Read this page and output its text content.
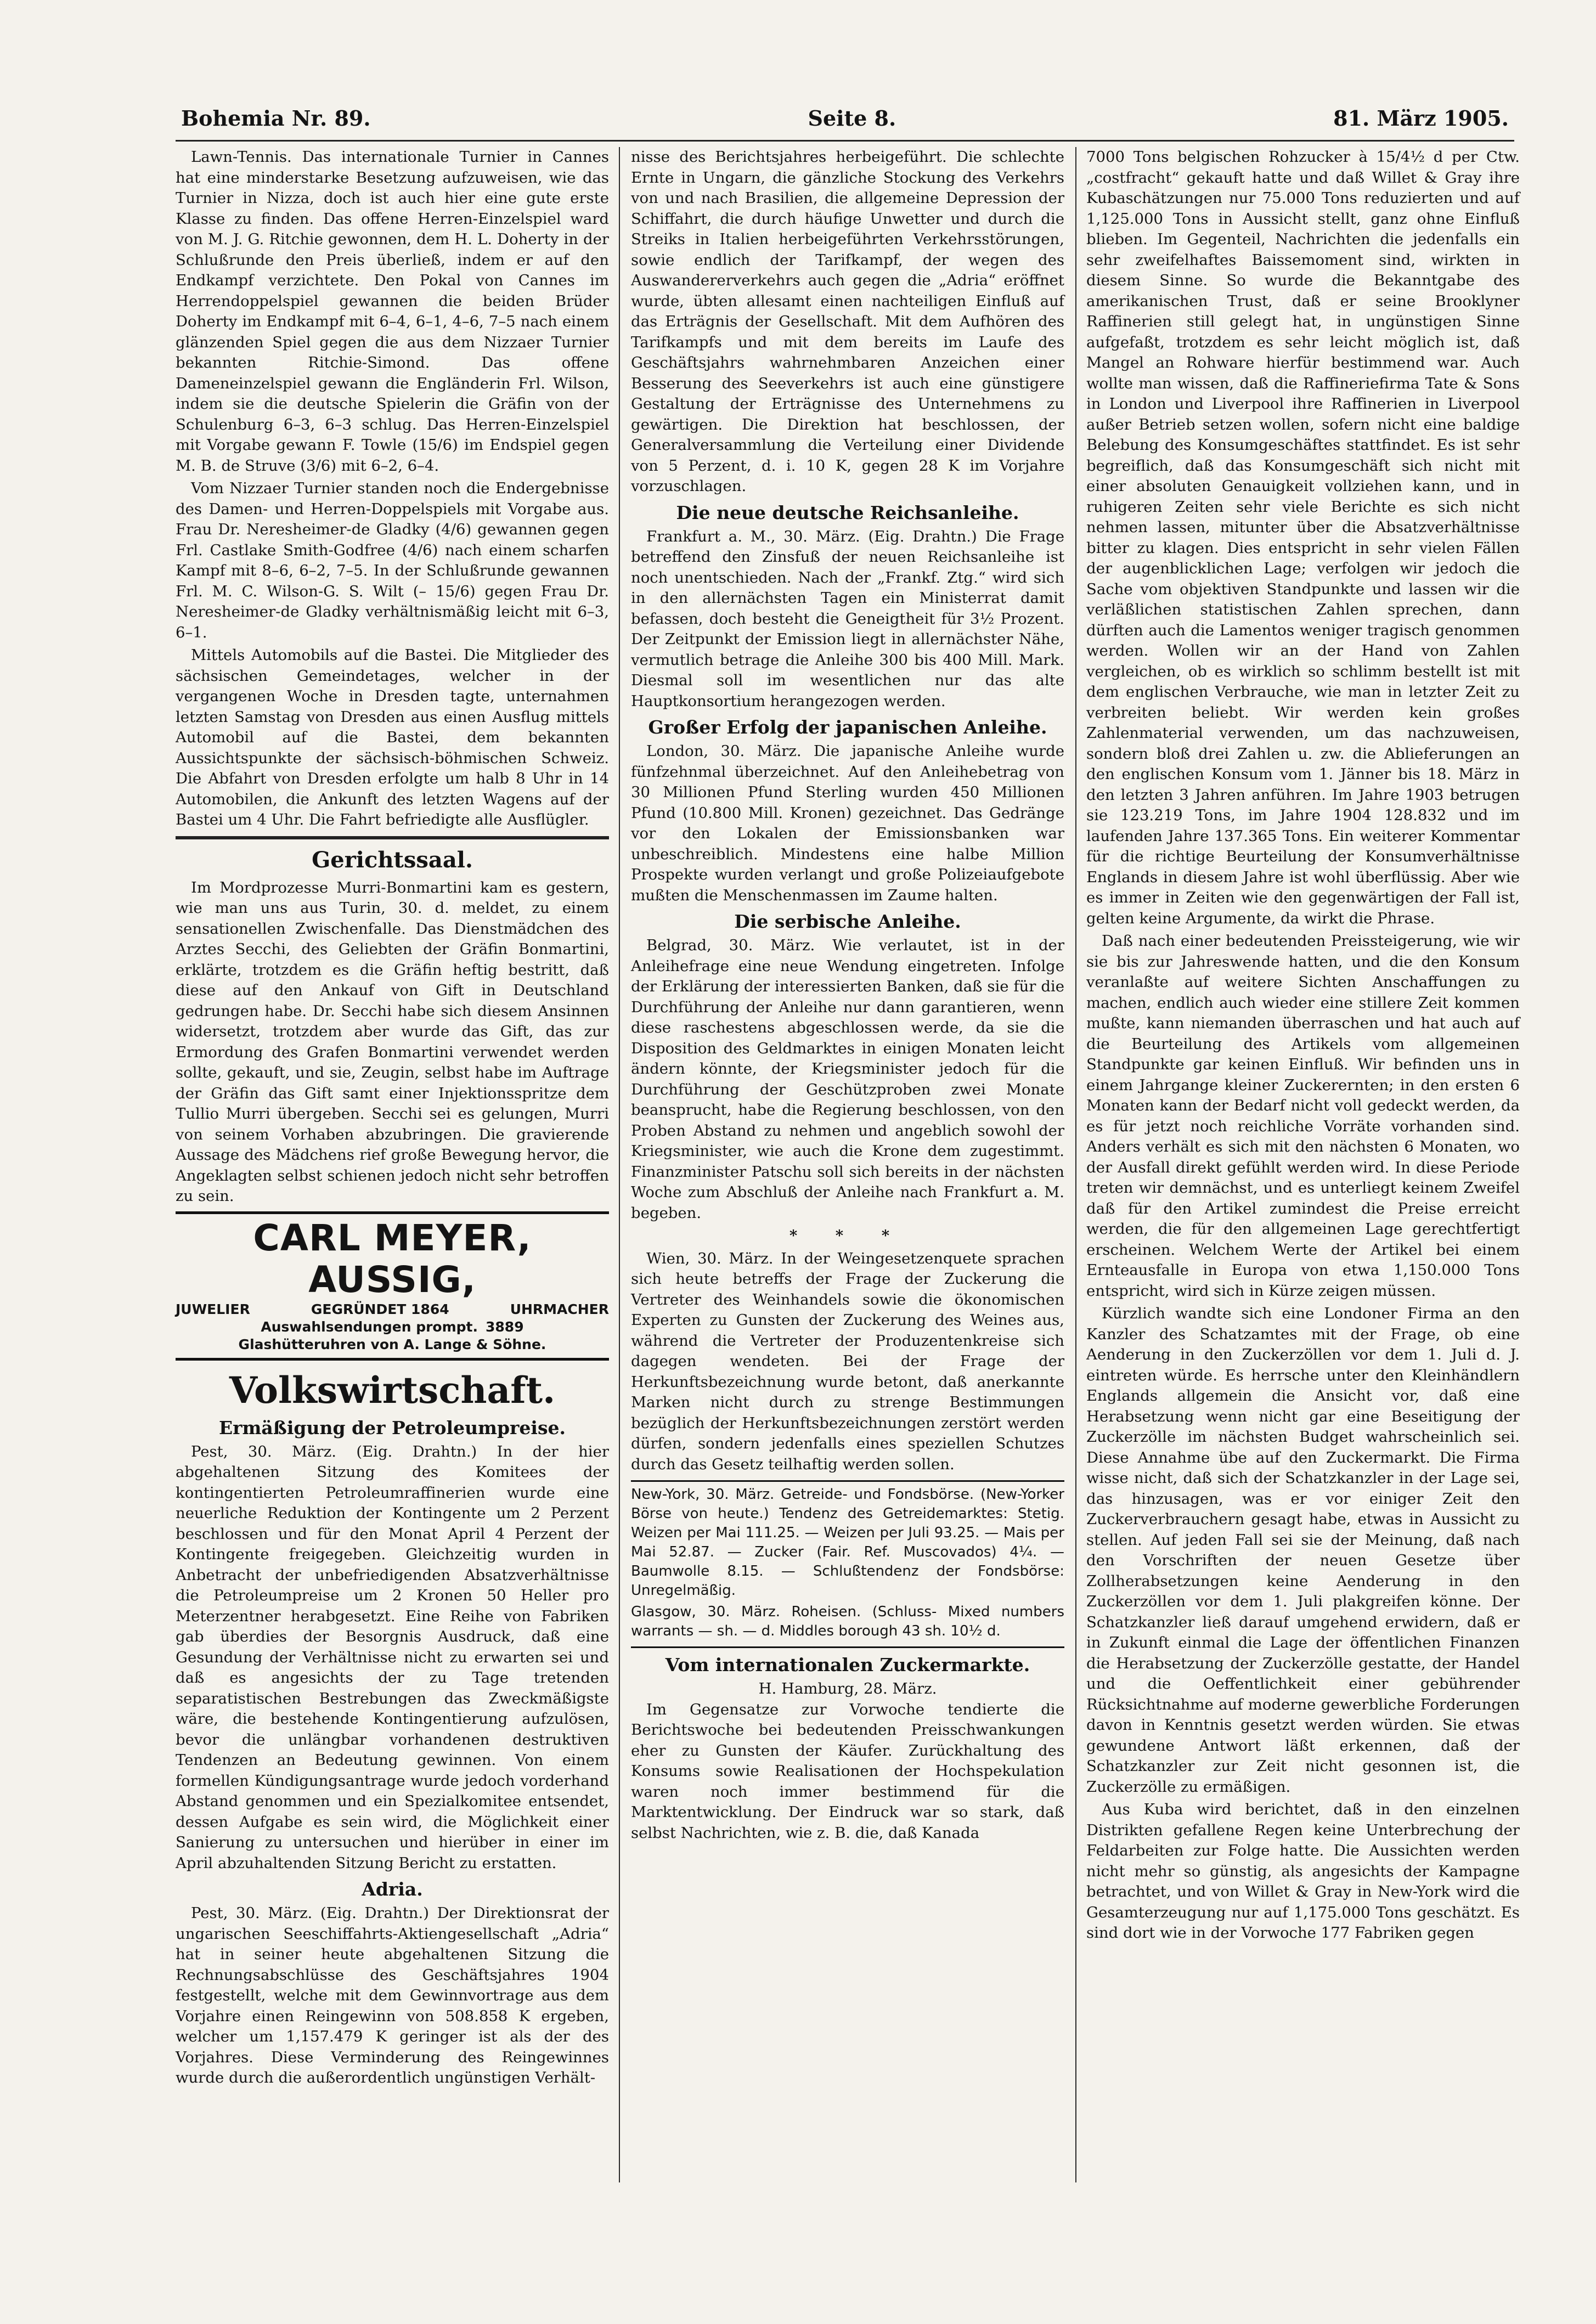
Bohemia Nr. 89.	Seite 8.	81. März 1905.

Lawn-Tennis. Das internationale Turnier in Cannes hat eine minderstarke Besetzung aufzuweisen, wie das Turnier in Nizza, doch ist auch hier eine gute erste Klasse zu finden. Das offene Herren-Einzelspiel ward von M. J. G. Ritchie gewonnen, dem H. L. Doherty in der Schlußrunde den Preis überließ, indem er auf den Endkampf verzichtete. Den Pokal von Cannes im Herrendoppelspiel gewannen die beiden Brüder Doherty im Endkampf mit 6–4, 6–1, 4–6, 7–5 nach einem glänzenden Spiel gegen die aus dem Nizzaer Turnier bekannten Ritchie-Simond. Das offene Dameneinzelspiel gewann die Engländerin Frl. Wilson, indem sie die deutsche Spielerin die Gräfin von der Schulenburg 6–3, 6–3 schlug. Das Herren-Einzelspiel mit Vorgabe gewann F. Towle (15/6) im Endspiel gegen M. B. de Struve (3/6) mit 6–2, 6–4.

Vom Nizzaer Turnier standen noch die Endergebnisse des Damen- und Herren-Doppelspiels mit Vorgabe aus. Frau Dr. Neresheimer-de Gladky (4/6) gewannen gegen Frl. Castlake Smith-Godfree (4/6) nach einem scharfen Kampf mit 8–6, 6–2, 7–5. In der Schlußrunde gewannen Frl. M. C. Wilson-G. S. Wilt (– 15/6) gegen Frau Dr. Neresheimer-de Gladky verhältnismäßig leicht mit 6–3, 6–1.

Mittels Automobils auf die Bastei. Die Mitglieder des sächsischen Gemeindetages, welcher in der vergangenen Woche in Dresden tagte, unternahmen letzten Samstag von Dresden aus einen Ausflug mittels Automobil auf die Bastei, dem bekannten Aussichtspunkte der sächsisch-böhmischen Schweiz. Die Abfahrt von Dresden erfolgte um halb 8 Uhr in 14 Automobilen, die Ankunft des letzten Wagens auf der Bastei um 4 Uhr. Die Fahrt befriedigte alle Ausflügler.

Gerichtssaal.

Im Mordprozesse Murri-Bonmartini kam es gestern, wie man uns aus Turin, 30. d. meldet, zu einem sensationellen Zwischenfalle. Das Dienstmädchen des Arztes Secchi, des Geliebten der Gräfin Bonmartini, erklärte, trotzdem es die Gräfin heftig bestritt, daß diese auf den Ankauf von Gift in Deutschland gedrungen habe. Dr. Secchi habe sich diesem Ansinnen widersetzt, trotzdem aber wurde das Gift, das zur Ermordung des Grafen Bonmartini verwendet werden sollte, gekauft, und sie, Zeugin, selbst habe im Auftrage der Gräfin das Gift samt einer Injektionsspritze dem Tullio Murri übergeben. Secchi sei es gelungen, Murri von seinem Vorhaben abzubringen. Die gravierende Aussage des Mädchens rief große Bewegung hervor, die Angeklagten selbst schienen jedoch nicht sehr betroffen zu sein.

CARL MEYER, AUSSIG,
JUWELIER	GEGRÜNDET 1864	UHRMACHER
Auswahlsendungen prompt. 3889
Glashütteruhren von A. Lange & Söhne.
Volkswirtschaft.
Ermäßigung der Petroleumpreise.

Pest, 30. März. (Eig. Drahtn.) In der hier abgehaltenen Sitzung des Komitees der kontingentierten Petroleumraffinerien wurde eine neuerliche Reduktion der Kontingente um 2 Perzent beschlossen und für den Monat April 4 Perzent der Kontingente freigegeben. Gleichzeitig wurden in Anbetracht der unbefriedigenden Absatzverhältnisse die Petroleumpreise um 2 Kronen 50 Heller pro Meterzentner herabgesetzt. Eine Reihe von Fabriken gab überdies der Besorgnis Ausdruck, daß eine Gesundung der Verhältnisse nicht zu erwarten sei und daß es angesichts der zu Tage tretenden separatistischen Bestrebungen das Zweckmäßigste wäre, die bestehende Kontingentierung aufzulösen, bevor die unlängbar vorhandenen destruktiven Tendenzen an Bedeutung gewinnen. Von einem formellen Kündigungsantrage wurde jedoch vorderhand Abstand genommen und ein Spezialkomitee entsendet, dessen Aufgabe es sein wird, die Möglichkeit einer Sanierung zu untersuchen und hierüber in einer im April abzuhaltenden Sitzung Bericht zu erstatten.

Adria.

Pest, 30. März. (Eig. Drahtn.) Der Direktionsrat der ungarischen Seeschiffahrts-Aktiengesellschaft „Adria“ hat in seiner heute abgehaltenen Sitzung die Rechnungsabschlüsse des Geschäftsjahres 1904 festgestellt, welche mit dem Gewinnvortrage aus dem Vorjahre einen Reingewinn von 508.858 K ergeben, welcher um 1,157.479 K geringer ist als der des Vorjahres. Diese Verminderung des Reingewinnes wurde durch die außerordentlich ungünstigen Verhält-

nisse des Berichtsjahres herbeigeführt. Die schlechte Ernte in Ungarn, die gänzliche Stockung des Verkehrs von und nach Brasilien, die allgemeine Depression der Schiffahrt, die durch häufige Unwetter und durch die Streiks in Italien herbeigeführten Verkehrsstörungen, sowie endlich der Tarifkampf, der wegen des Auswandererverkehrs auch gegen die „Adria“ eröffnet wurde, übten allesamt einen nachteiligen Einfluß auf das Erträgnis der Gesellschaft. Mit dem Aufhören des Tarifkampfs und mit dem bereits im Laufe des Geschäftsjahrs wahrnehmbaren Anzeichen einer Besserung des Seeverkehrs ist auch eine günstigere Gestaltung der Erträgnisse des Unternehmens zu gewärtigen. Die Direktion hat beschlossen, der Generalversammlung die Verteilung einer Dividende von 5 Perzent, d. i. 10 K, gegen 28 K im Vorjahre vorzuschlagen.

Die neue deutsche Reichsanleihe.

Frankfurt a. M., 30. März. (Eig. Drahtn.) Die Frage betreffend den Zinsfuß der neuen Reichsanleihe ist noch unentschieden. Nach der „Frankf. Ztg.“ wird sich in den allernächsten Tagen ein Ministerrat damit befassen, doch besteht die Geneigtheit für 3½ Prozent. Der Zeitpunkt der Emission liegt in allernächster Nähe, vermutlich betrage die Anleihe 300 bis 400 Mill. Mark. Diesmal soll im wesentlichen nur das alte Hauptkonsortium herangezogen werden.

Großer Erfolg der japanischen Anleihe.

London, 30. März. Die japanische Anleihe wurde fünfzehnmal überzeichnet. Auf den Anleihebetrag von 30 Millionen Pfund Sterling wurden 450 Millionen Pfund (10.800 Mill. Kronen) gezeichnet. Das Gedränge vor den Lokalen der Emissionsbanken war unbeschreiblich. Mindestens eine halbe Million Prospekte wurden verlangt und große Polizeiaufgebote mußten die Menschenmassen im Zaume halten.

Die serbische Anleihe.

Belgrad, 30. März. Wie verlautet, ist in der Anleihefrage eine neue Wendung eingetreten. Infolge der Erklärung der interessierten Banken, daß sie für die Durchführung der Anleihe nur dann garantieren, wenn diese raschestens abgeschlossen werde, da sie die Disposition des Geldmarktes in einigen Monaten leicht ändern könnte, der Kriegsminister jedoch für die Durchführung der Geschützproben zwei Monate beansprucht, habe die Regierung beschlossen, von den Proben Abstand zu nehmen und angeblich sowohl der Kriegsminister, wie auch die Krone dem zugestimmt. Finanzminister Patschu soll sich bereits in der nächsten Woche zum Abschluß der Anleihe nach Frankfurt a. M. begeben.

* * *

Wien, 30. März. In der Weingesetzenquete sprachen sich heute betreffs der Frage der Zuckerung die Vertreter des Weinhandels sowie die ökonomischen Experten zu Gunsten der Zuckerung des Weines aus, während die Vertreter der Produzentenkreise sich dagegen wendeten. Bei der Frage der Herkunftsbezeichnung wurde betont, daß anerkannte Marken nicht durch zu strenge Bestimmungen bezüglich der Herkunftsbezeichnungen zerstört werden dürfen, sondern jedenfalls eines speziellen Schutzes durch das Gesetz teilhaftig werden sollen.

New-York, 30. März. Getreide- und Fondsbörse. (New-Yorker Börse von heute.) Tendenz des Getreidemarktes: Stetig. Weizen per Mai 111.25. — Weizen per Juli 93.25. — Mais per Mai 52.87. — Zucker (Fair. Ref. Muscovados) 4¼. — Baumwolle 8.15. — Schlußtendenz der Fondsbörse: Unregelmäßig.

Glasgow, 30. März. Roheisen. (Schluss- Mixed numbers warrants — sh. — d. Middles borough 43 sh. 10½ d.

Vom internationalen Zuckermarkte.
H. Hamburg, 28. März.

Im Gegensatze zur Vorwoche tendierte die Berichtswoche bei bedeutenden Preisschwankungen eher zu Gunsten der Käufer. Zurückhaltung des Konsums sowie Realisationen der Hochspekulation waren noch immer bestimmend für die Marktentwicklung. Der Eindruck war so stark, daß selbst Nachrichten, wie z. B. die, daß Kanada

7000 Tons belgischen Rohzucker à 15/4½ d per Ctw. „costfracht“ gekauft hatte und daß Willet & Gray ihre Kubaschätzungen nur 75.000 Tons reduzierten und auf 1,125.000 Tons in Aussicht stellt, ganz ohne Einfluß blieben. Im Gegenteil, Nachrichten die jedenfalls ein sehr zweifelhaftes Baissemoment sind, wirkten in diesem Sinne. So wurde die Bekanntgabe des amerikanischen Trust, daß er seine Brooklyner Raffinerien still gelegt hat, in ungünstigen Sinne aufgefaßt, trotzdem es sehr leicht möglich ist, daß Mangel an Rohware hierfür bestimmend war. Auch wollte man wissen, daß die Raffineriefirma Tate & Sons in London und Liverpool ihre Raffinerien in Liverpool außer Betrieb setzen wollen, sofern nicht eine baldige Belebung des Konsumgeschäftes stattfindet. Es ist sehr begreiflich, daß das Konsumgeschäft sich nicht mit einer absoluten Genauigkeit vollziehen kann, und in ruhigeren Zeiten sehr viele Berichte es sich nicht nehmen lassen, mitunter über die Absatzverhältnisse bitter zu klagen. Dies entspricht in sehr vielen Fällen der augenblicklichen Lage; verfolgen wir jedoch die Sache vom objektiven Standpunkte und lassen wir die verläßlichen statistischen Zahlen sprechen, dann dürften auch die Lamentos weniger tragisch genommen werden. Wollen wir an der Hand von Zahlen vergleichen, ob es wirklich so schlimm bestellt ist mit dem englischen Verbrauche, wie man in letzter Zeit zu verbreiten beliebt. Wir werden kein großes Zahlenmaterial verwenden, um das nachzuweisen, sondern bloß drei Zahlen u. zw. die Ablieferungen an den englischen Konsum vom 1. Jänner bis 18. März in den letzten 3 Jahren anführen. Im Jahre 1903 betrugen sie 123.219 Tons, im Jahre 1904 128.832 und im laufenden Jahre 137.365 Tons. Ein weiterer Kommentar für die richtige Beurteilung der Konsumverhältnisse Englands in diesem Jahre ist wohl überflüssig. Aber wie es immer in Zeiten wie den gegenwärtigen der Fall ist, gelten keine Argumente, da wirkt die Phrase.

Daß nach einer bedeutenden Preissteigerung, wie wir sie bis zur Jahreswende hatten, und die den Konsum veranlaßte auf weitere Sichten Anschaffungen zu machen, endlich auch wieder eine stillere Zeit kommen mußte, kann niemanden überraschen und hat auch auf die Beurteilung des Artikels vom allgemeinen Standpunkte gar keinen Einfluß. Wir befinden uns in einem Jahrgange kleiner Zuckerernten; in den ersten 6 Monaten kann der Bedarf nicht voll gedeckt werden, da es für jetzt noch reichliche Vorräte vorhanden sind. Anders verhält es sich mit den nächsten 6 Monaten, wo der Ausfall direkt gefühlt werden wird. In diese Periode treten wir demnächst, und es unterliegt keinem Zweifel daß für den Artikel zumindest die Preise erreicht werden, die für den allgemeinen Lage gerechtfertigt erscheinen. Welchem Werte der Artikel bei einem Ernteausfalle in Europa von etwa 1,150.000 Tons entspricht, wird sich in Kürze zeigen müssen.

Kürzlich wandte sich eine Londoner Firma an den Kanzler des Schatzamtes mit der Frage, ob eine Aenderung in den Zuckerzöllen vor dem 1. Juli d. J. eintreten würde. Es herrsche unter den Kleinhändlern Englands allgemein die Ansicht vor, daß eine Herabsetzung wenn nicht gar eine Beseitigung der Zuckerzölle im nächsten Budget wahrscheinlich sei. Diese Annahme übe auf den Zuckermarkt. Die Firma wisse nicht, daß sich der Schatzkanzler in der Lage sei, das hinzusagen, was er vor einiger Zeit den Zuckerverbrauchern gesagt habe, etwas in Aussicht zu stellen. Auf jeden Fall sei sie der Meinung, daß nach den Vorschriften der neuen Gesetze über Zollherabsetzungen keine Aenderung in den Zuckerzöllen vor dem 1. Juli plakgreifen könne. Der Schatzkanzler ließ darauf umgehend erwidern, daß er in Zukunft einmal die Lage der öffentlichen Finanzen die Herabsetzung der Zuckerzölle gestatte, der Handel und die Oeffentlichkeit einer gebührender Rücksichtnahme auf moderne gewerbliche Forderungen davon in Kenntnis gesetzt werden würden. Sie etwas gewundene Antwort läßt erkennen, daß der Schatzkanzler zur Zeit nicht gesonnen ist, die Zuckerzölle zu ermäßigen.

Aus Kuba wird berichtet, daß in den einzelnen Distrikten gefallene Regen keine Unterbrechung der Feldarbeiten zur Folge hatte. Die Aussichten werden nicht mehr so günstig, als angesichts der Kampagne betrachtet, und von Willet & Gray in New-York wird die Gesamterzeugung nur auf 1,175.000 Tons geschätzt. Es sind dort wie in der Vorwoche 177 Fabriken gegen
